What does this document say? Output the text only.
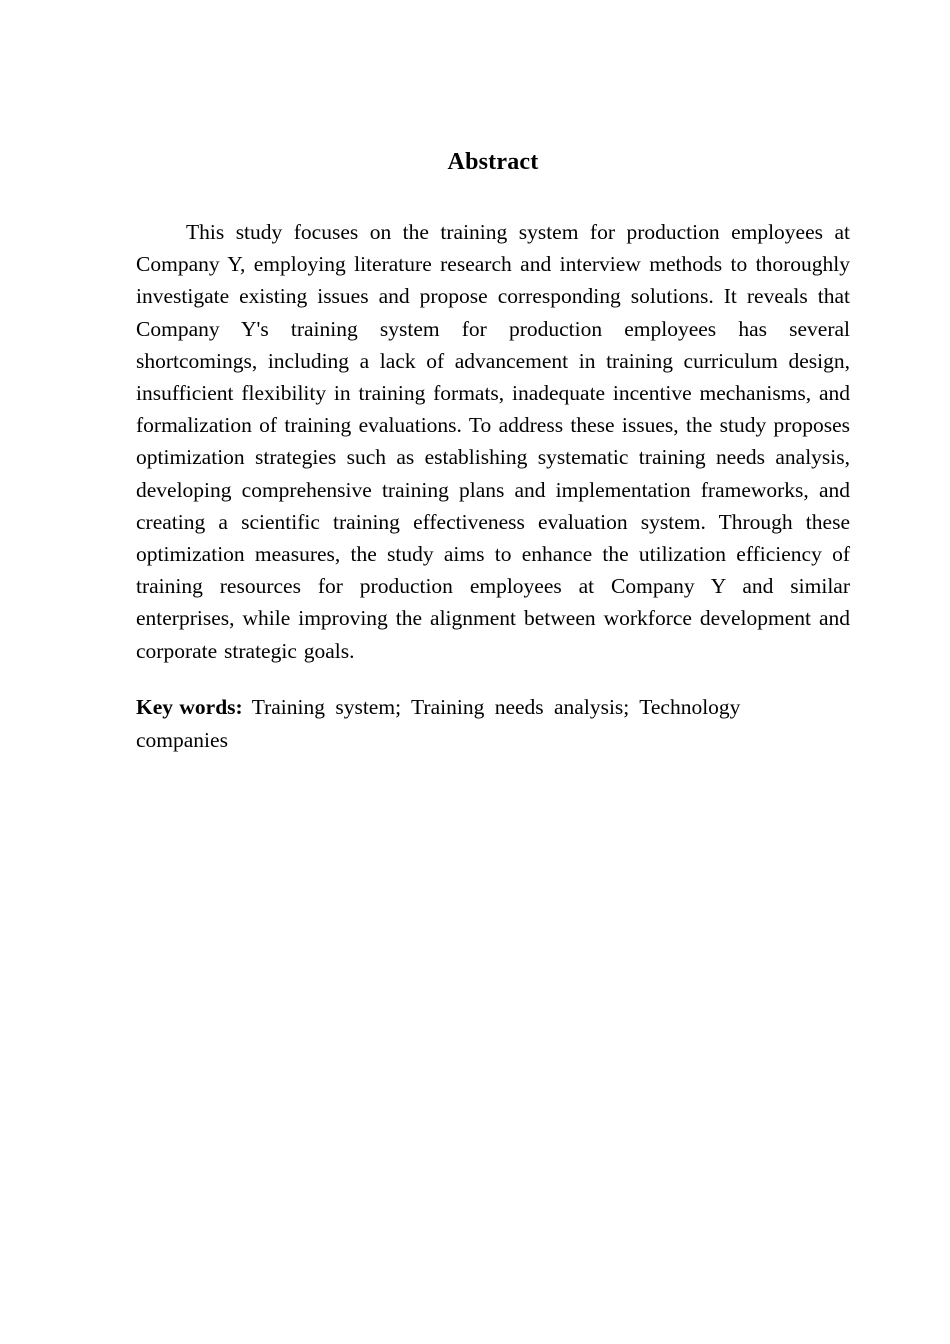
Abstract

This study focuses on the training system for production employees at Company Y, employing literature research and interview methods to thoroughly investigate existing issues and propose corresponding solutions. It reveals that Company Y's training system for production employees has several shortcomings, including a lack of advancement in training curriculum design, insufficient flexibility in training formats, inadequate incentive mechanisms, and formalization of training evaluations. To address these issues, the study proposes optimization strategies such as establishing systematic training needs analysis, developing comprehensive training plans and implementation frameworks, and creating a scientific training effectiveness evaluation system. Through these optimization measures, the study aims to enhance the utilization efficiency of training resources for production employees at Company Y and similar enterprises, while improving the alignment between workforce development and corporate strategic goals.

Key words: Training system; Training needs analysis; Technology companies
